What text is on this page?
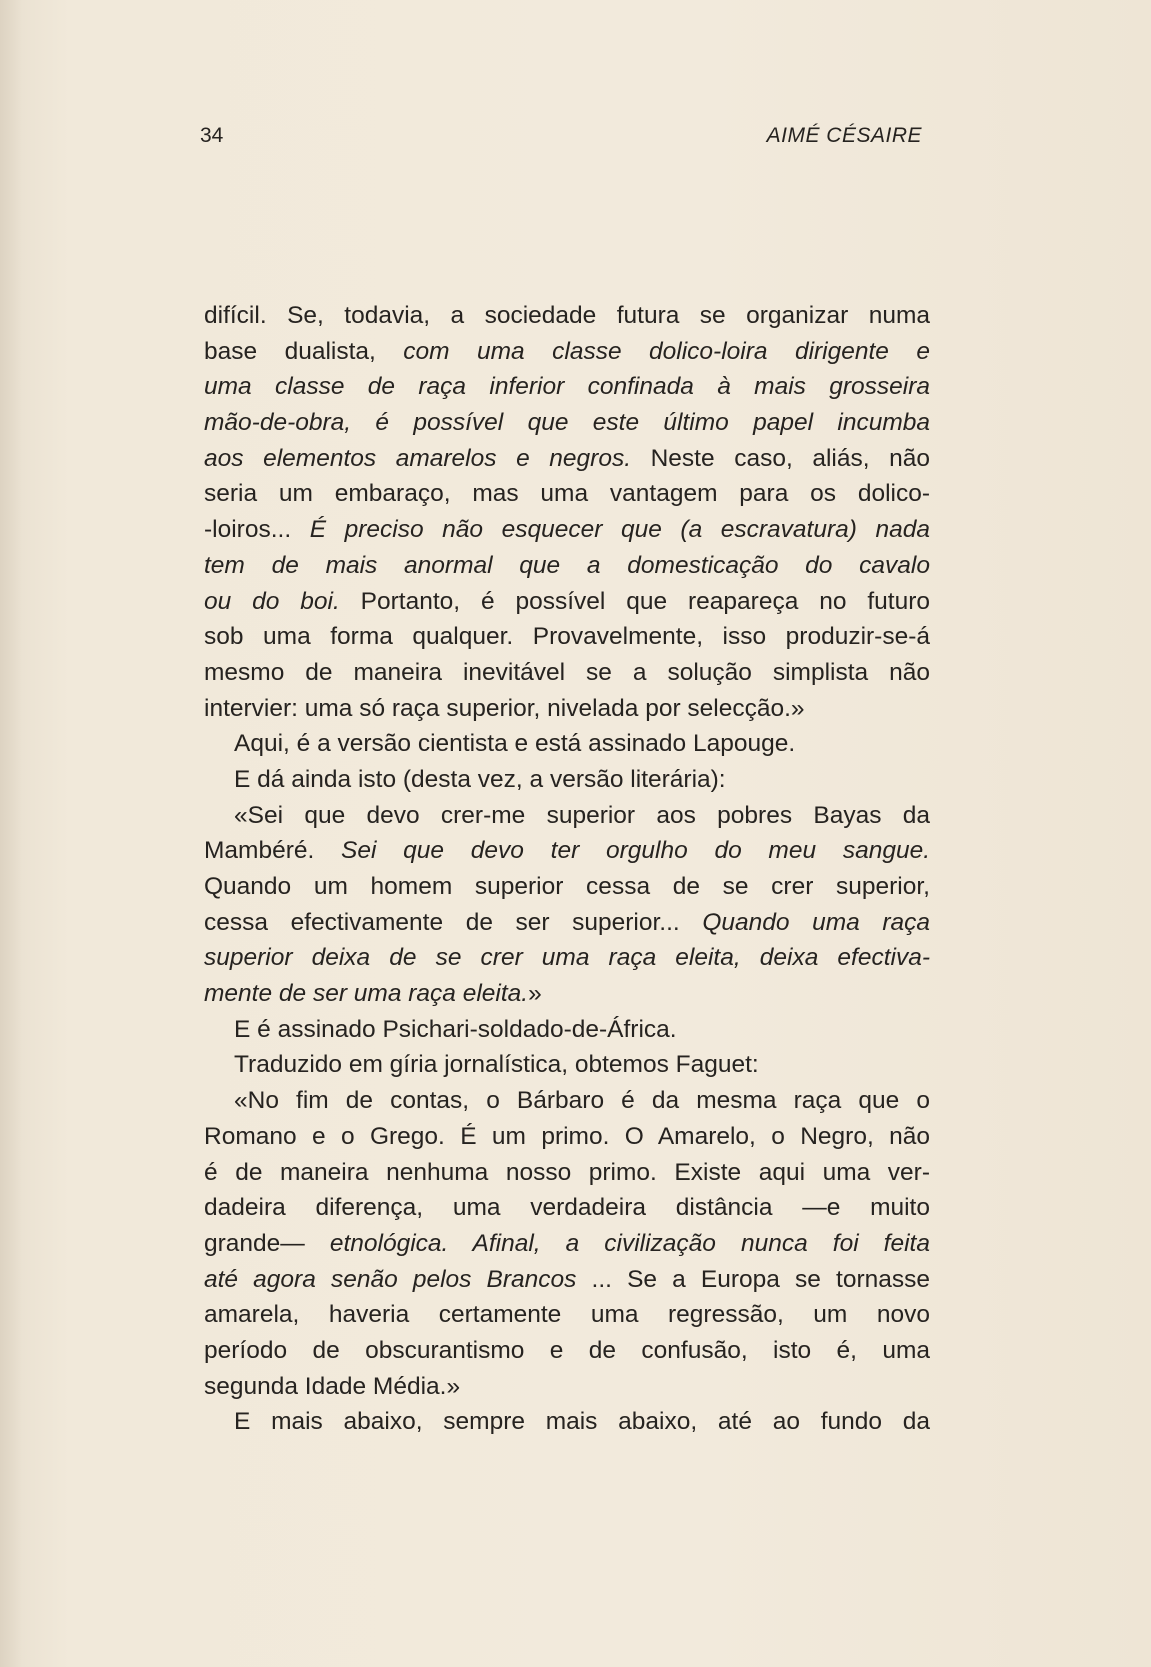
34	AIMÉ CÉSAIRE
difícil. Se, todavia, a sociedade futura se organizar numa
base dualista, com uma classe dolico-loira dirigente e
uma classe de raça inferior confinada à mais grosseira
mão-de-obra, é possível que este último papel incumba
aos elementos amarelos e negros. Neste caso, aliás, não
seria um embaraço, mas uma vantagem para os dolico-
-loiros... É preciso não esquecer que (a escravatura) nada
tem de mais anormal que a domesticação do cavalo
ou do boi. Portanto, é possível que reapareça no futuro
sob uma forma qualquer. Provavelmente, isso produzir-se-á
mesmo de maneira inevitável se a solução simplista não
intervier: uma só raça superior, nivelada por selecção.»
Aqui, é a versão cientista e está assinado Lapouge.
E dá ainda isto (desta vez, a versão literária):
«Sei que devo crer-me superior aos pobres Bayas da
Mambéré. Sei que devo ter orgulho do meu sangue.
Quando um homem superior cessa de se crer superior,
cessa efectivamente de ser superior... Quando uma raça
superior deixa de se crer uma raça eleita, deixa efectiva-
mente de ser uma raça eleita.»
E é assinado Psichari-soldado-de-África.
Traduzido em gíria jornalística, obtemos Faguet:
«No fim de contas, o Bárbaro é da mesma raça que o
Romano e o Grego. É um primo. O Amarelo, o Negro, não
é de maneira nenhuma nosso primo. Existe aqui uma ver-
dadeira diferença, uma verdadeira distância —e muito
grande— etnológica. Afinal, a civilização nunca foi feita
até agora senão pelos Brancos ... Se a Europa se tornasse
amarela, haveria certamente uma regressão, um novo
período de obscurantismo e de confusão, isto é, uma
segunda Idade Média.»
E mais abaixo, sempre mais abaixo, até ao fundo da
